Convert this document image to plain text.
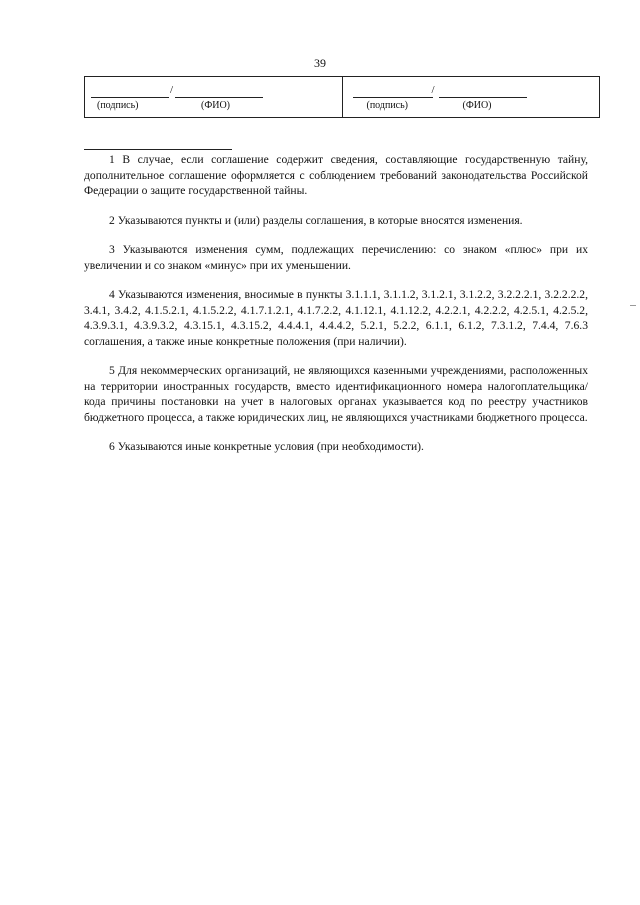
39
/
(подпись)	(ФИО)
/
(подпись)	(ФИО)

1 В случае, если соглашение содержит сведения, составляющие государственную тайну, дополнительное соглашение оформляется с соблюдением требований законодательства Российской Федерации о защите государственной тайны.

2 Указываются пункты и (или) разделы соглашения, в которые вносятся изменения.

3 Указываются изменения сумм, подлежащих перечислению: со знаком «плюс» при их увеличении и со знаком «минус» при их уменьшении.

4 Указываются изменения, вносимые в пункты 3.1.1.1, 3.1.1.2, 3.1.2.1, 3.1.2.2, 3.2.2.2.1, 3.2.2.2.2, 3.4.1, 3.4.2, 4.1.5.2.1, 4.1.5.2.2, 4.1.7.1.2.1, 4.1.7.2.2, 4.1.12.1, 4.1.12.2, 4.2.2.1, 4.2.2.2, 4.2.5.1, 4.2.5.2, 4.3.9.3.1, 4.3.9.3.2, 4.3.15.1, 4.3.15.2, 4.4.4.1, 4.4.4.2, 5.2.1, 5.2.2, 6.1.1, 6.1.2, 7.3.1.2, 7.4.4, 7.6.3 соглашения, а также иные конкретные положения (при наличии).

5 Для некоммерческих организаций, не являющихся казенными учреждениями, расположенных на территории иностранных государств, вместо идентификационного номера налогоплательщика/кода причины постановки на учет в налоговых органах указывается код по реестру участников бюджетного процесса, а также юридических лиц, не являющихся участниками бюджетного процесса.

6 Указываются иные конкретные условия (при необходимости).
